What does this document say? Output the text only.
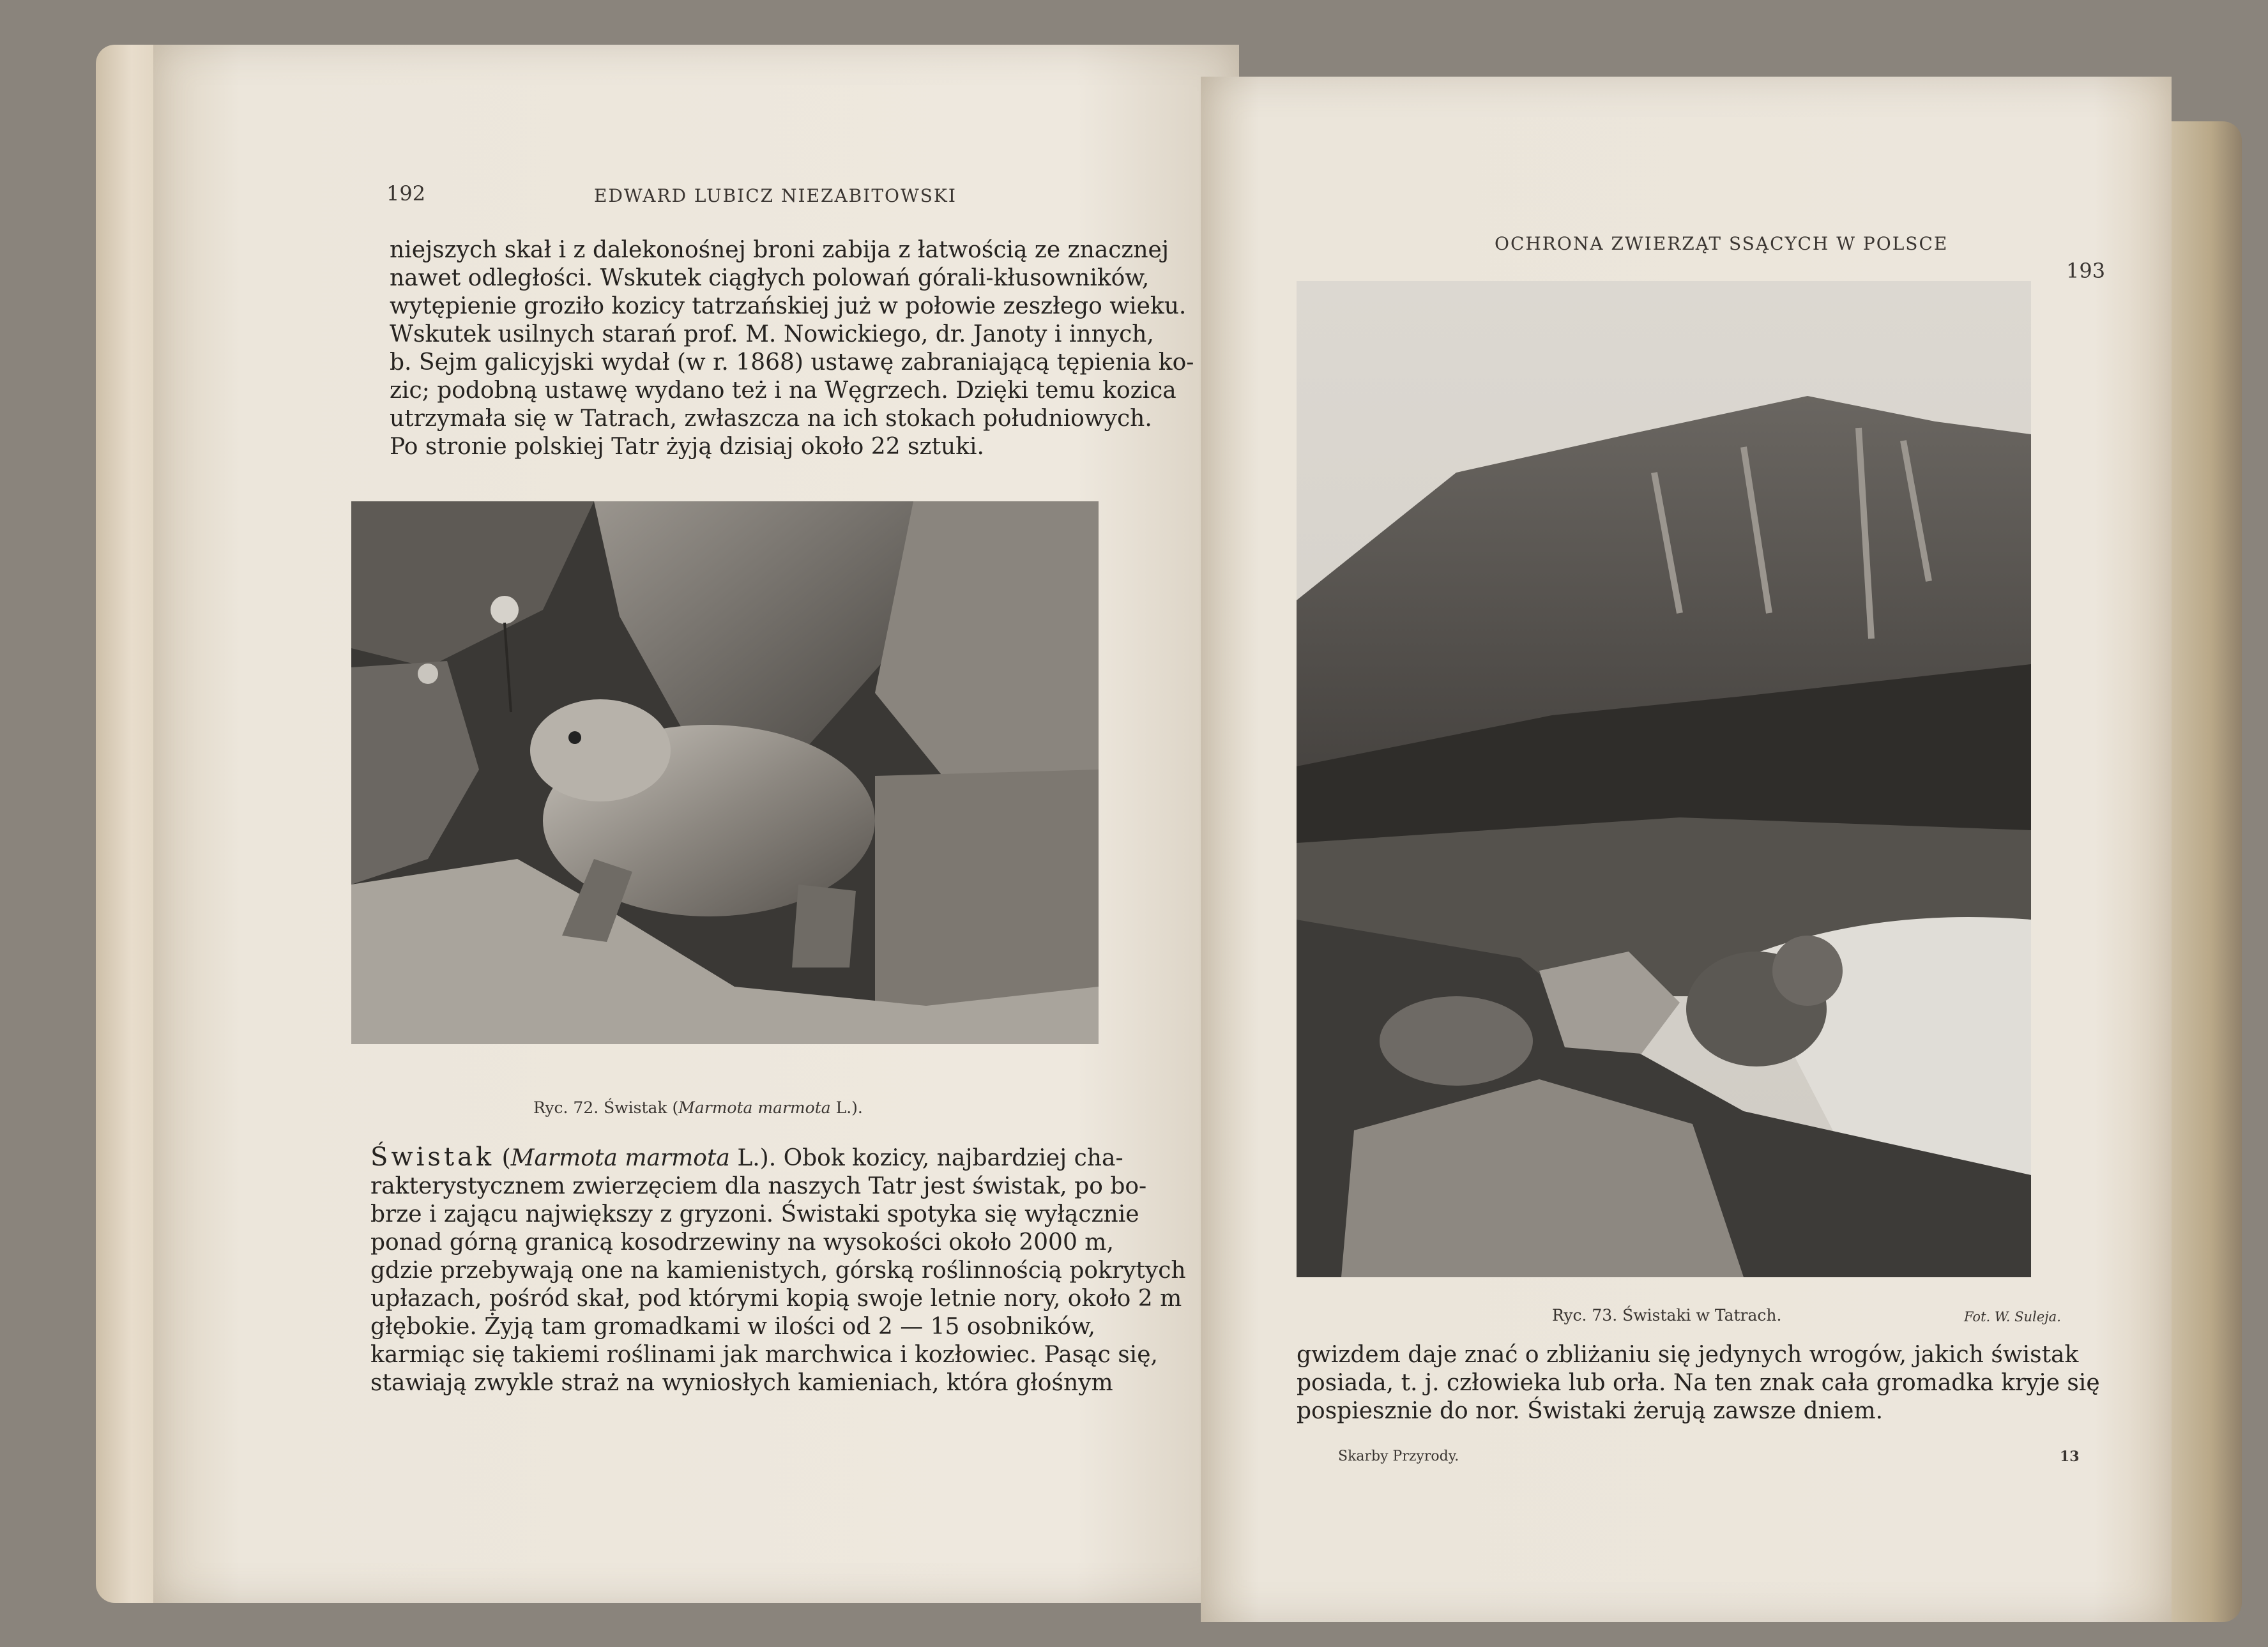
192	EDWARD LUBICZ NIEZABITOWSKI
niejszych skał i z dalekonośnej broni zabija z łatwością ze znacznej
nawet odległości. Wskutek ciągłych polowań górali-kłusowników,
wytępienie groziło kozicy tatrzańskiej już w połowie zeszłego wieku.
Wskutek usilnych starań prof. M. Nowickiego, dr. Janoty i innych,
b. Sejm galicyjski wydał (w r. 1868) ustawę zabraniającą tępienia ko-
zic; podobną ustawę wydano też i na Węgrzech. Dzięki temu kozica
utrzymała się w Tatrach, zwłaszcza na ich stokach południowych.
Po stronie polskiej Tatr żyją dzisiaj około 22 sztuki.
Ryc. 72. Świstak (Marmota marmota L.).
Świstak (Marmota marmota L.). Obok kozicy, najbardziej cha-
rakterystycznem zwierzęciem dla naszych Tatr jest świstak, po bo-
brze i zającu największy z gryzoni. Świstaki spotyka się wyłącznie
ponad górną granicą kosodrzewiny na wysokości około 2000 m,
gdzie przebywają one na kamienistych, górską roślinnością pokrytych
upłazach, pośród skał, pod którymi kopią swoje letnie nory, około 2 m
głębokie. Żyją tam gromadkami w ilości od 2 — 15 osobników,
karmiąc się takiemi roślinami jak marchwica i kozłowiec. Pasąc się,
stawiają zwykle straż na wyniosłych kamieniach, która głośnym
OCHRONA ZWIERZĄT SSĄCYCH W POLSCE
193
Ryc. 73. Świstaki w Tatrach.	Fot. W. Suleja.
gwizdem daje znać o zbliżaniu się jedynych wrogów, jakich świstak
posiada, t. j. człowieka lub orła. Na ten znak cała gromadka kryje się
pospiesznie do nor. Świstaki żerują zawsze dniem.
Skarby Przyrody.	13
